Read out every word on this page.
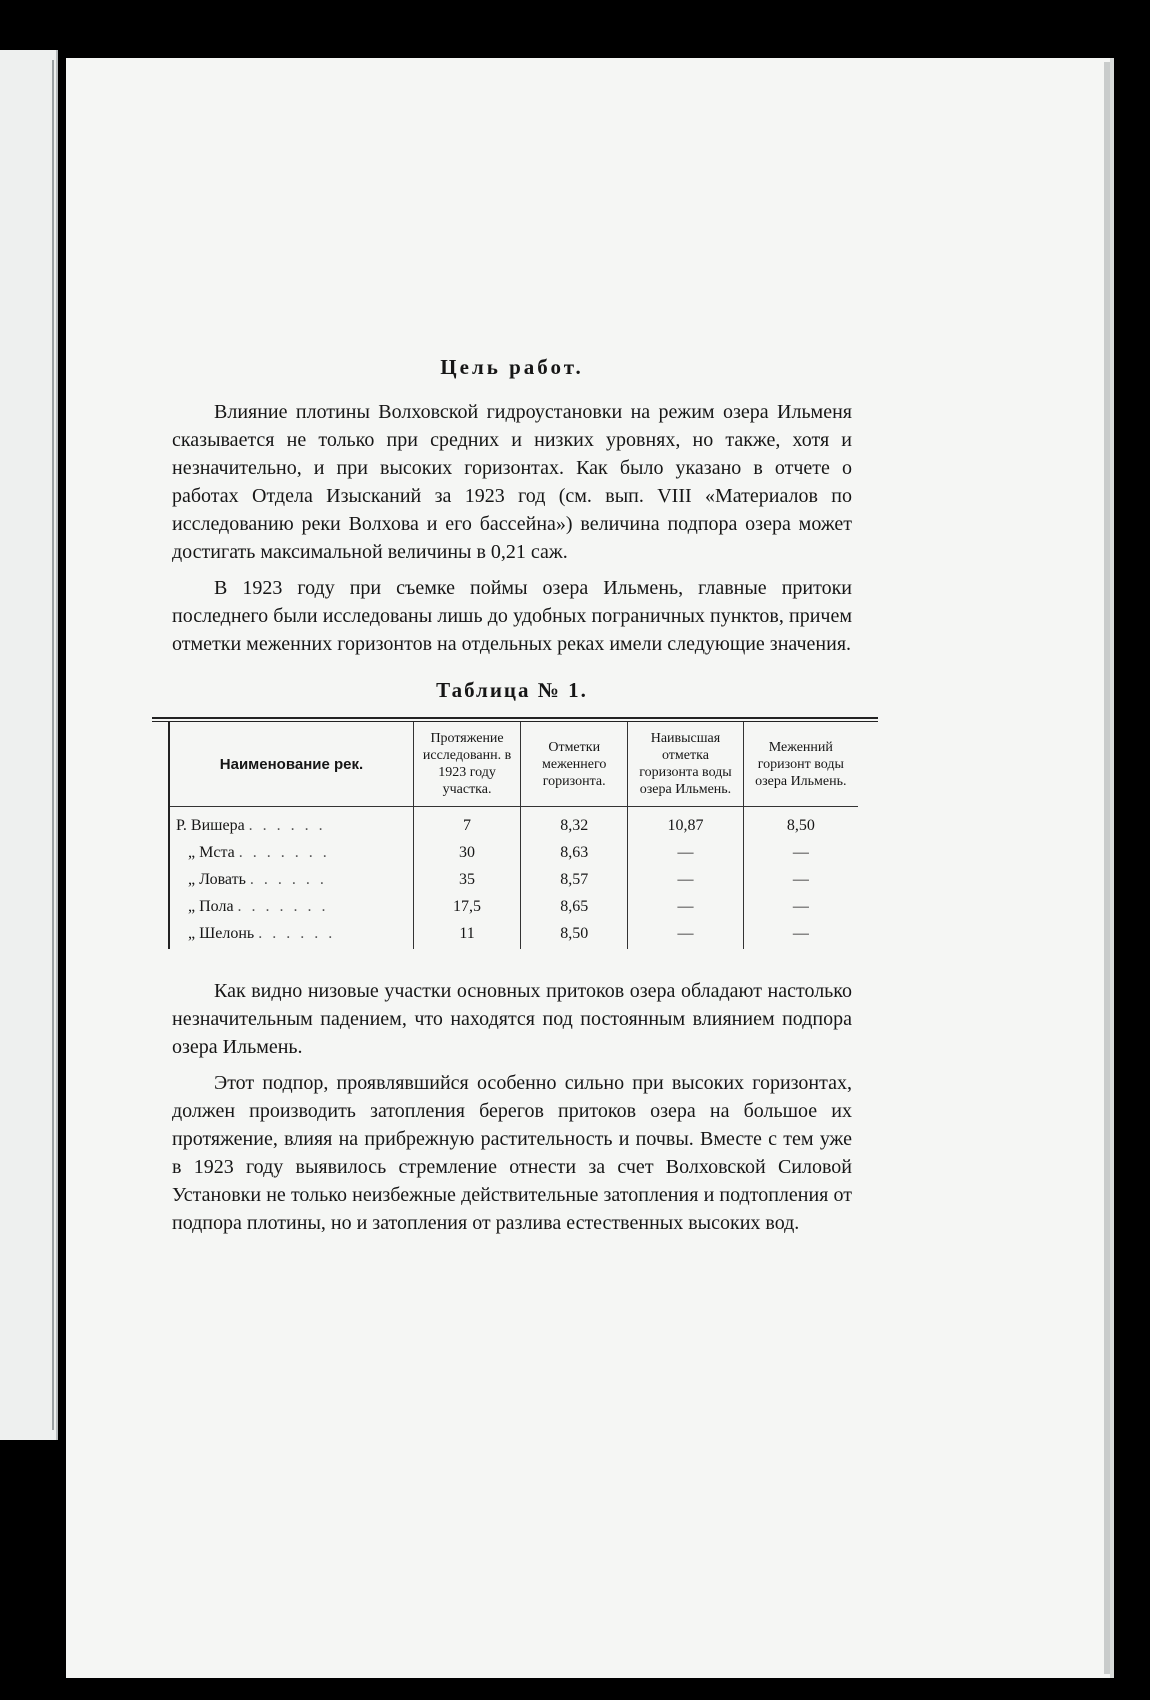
Цель работ.

Влияние плотины Волховской гидроустановки на режим озера Ильменя сказывается не только при средних и низких уровнях, но также, хотя и незначительно, и при высоких горизонтах. Как было указано в отчете о работах Отдела Изысканий за 1923 год (см. вып. VIII «Материалов по исследованию реки Волхова и его бассейна») величина подпора озера может достигать максимальной величины в 0,21 саж.

В 1923 году при съемке поймы озера Ильмень, главные притоки последнего были исследованы лишь до удобных пограничных пунктов, причем отметки меженних горизонтов на отдельных реках имели следующие значения.

Таблица № 1.
Наименование рек.	Протяжение исследованн. в 1923 году участка.	Отметки меженнего горизонта.	Наивысшая отметка горизонта воды озера Ильмень.	Меженний горизонт воды озера Ильмень.
Р. Вишера . . . . . .	7	8,32	10,87	8,50
„ Мста . . . . . . .	30	8,63	—	—
„ Ловать . . . . . .	35	8,57	—	—
„ Пола . . . . . . .	17,5	8,65	—	—
„ Шелонь . . . . . .	11	8,50	—	—

Как видно низовые участки основных притоков озера обладают настолько незначительным падением, что находятся под постоянным влиянием подпора озера Ильмень.

Этот подпор, проявлявшийся особенно сильно при высоких горизонтах, должен производить затопления берегов притоков озера на большое их протяжение, влияя на прибрежную растительность и почвы. Вместе с тем уже в 1923 году выявилось стремление отнести за счет Волховской Силовой Установки не только неизбежные действительные затопления и подтопления от подпора плотины, но и затопления от разлива естественных высоких вод.
